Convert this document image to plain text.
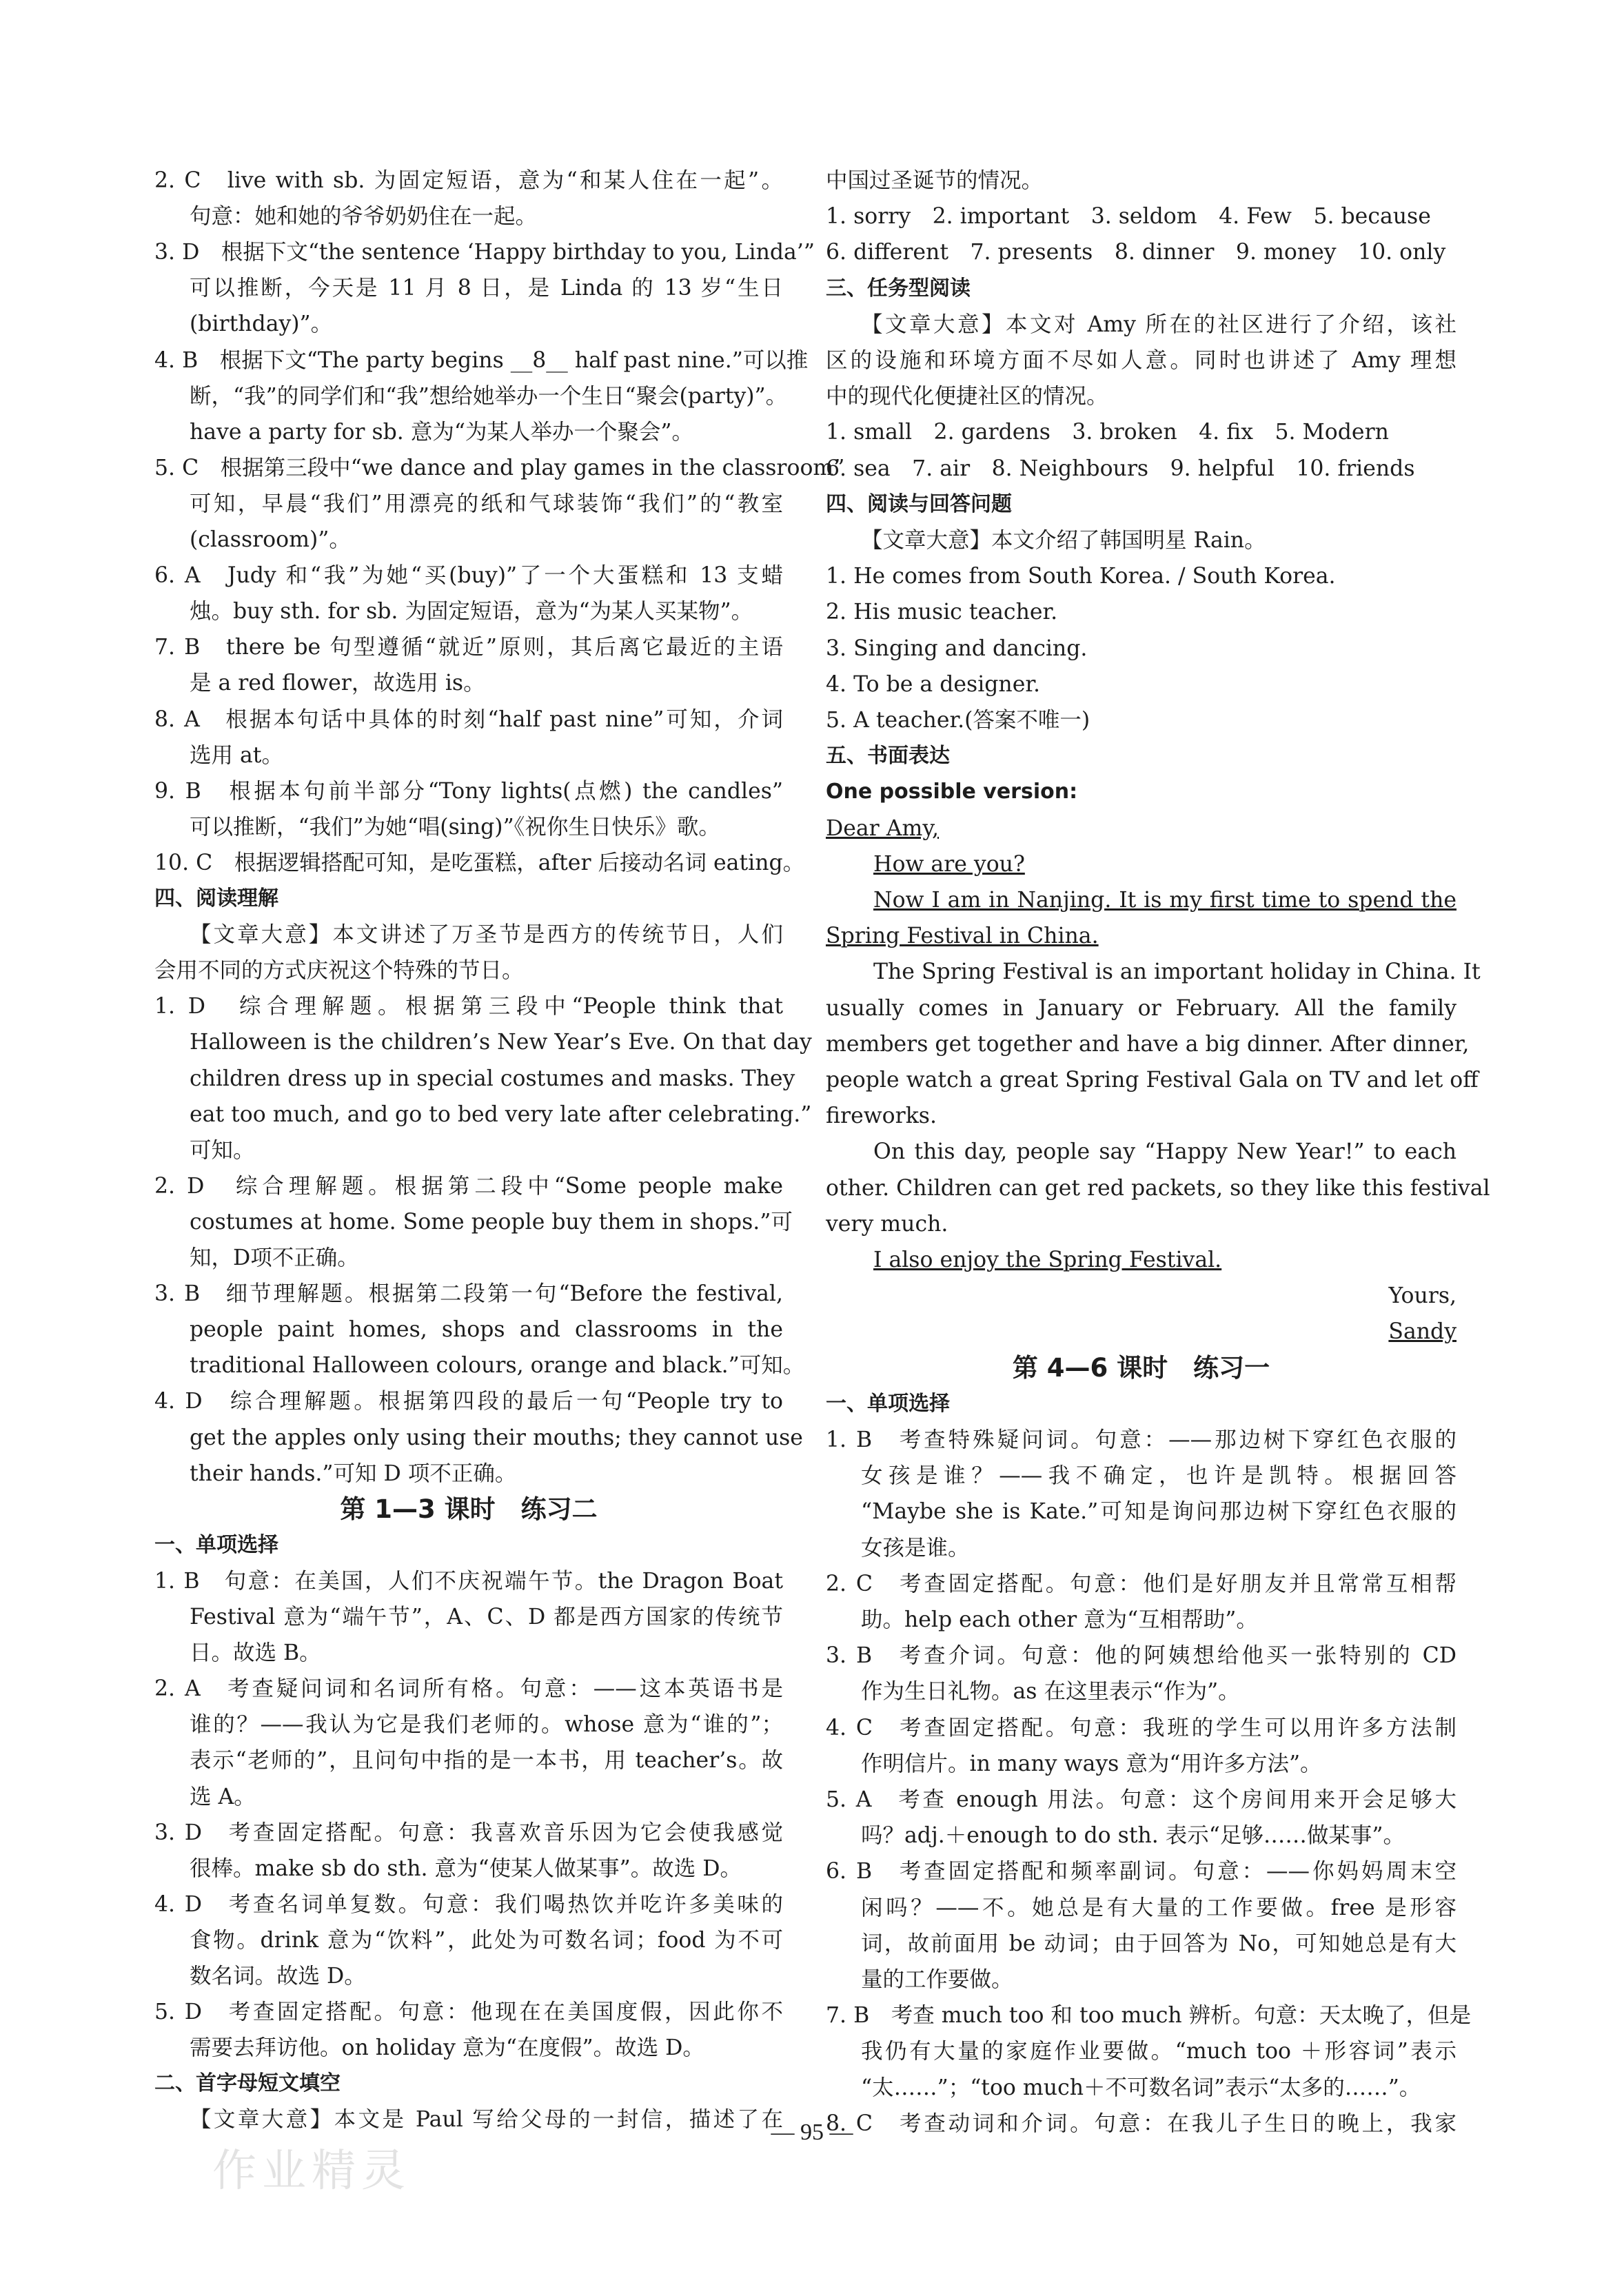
2. C　live with sb. 为固定短语，意为“和某人住在一起”。
句意：她和她的爷爷奶奶住在一起。
3. D　根据下文“the sentence ‘Happy birthday to you, Linda’”
可以推断，今天是 11 月 8 日，是 Linda 的 13 岁“生日
(birthday)”。
4. B　根据下文“The party begins __8__ half past nine.”可以推
断，“我”的同学们和“我”想给她举办一个生日“聚会(party)”。
have a party for sb. 意为“为某人举办一个聚会”。
5. C　根据第三段中“we dance and play games in the classroom”
可知，早晨“我们”用漂亮的纸和气球装饰“我们”的“教室
(classroom)”。
6. A　Judy 和“我”为她“买(buy)”了一个大蛋糕和 13 支蜡
烛。buy sth. for sb. 为固定短语，意为“为某人买某物”。
7. B　there be 句型遵循“就近”原则，其后离它最近的主语
是 a red flower，故选用 is。
8. A　根据本句话中具体的时刻“half past nine”可知，介词
选用 at。
9. B　根据本句前半部分“Tony lights(点燃) the candles”
可以推断，“我们”为她“唱(sing)”《祝你生日快乐》歌。
10. C　根据逻辑搭配可知，是吃蛋糕，after 后接动名词 eating。
四、阅读理解
【文章大意】本文讲述了万圣节是西方的传统节日，人们
会用不同的方式庆祝这个特殊的节日。
1. D　综合理解题。根据第三段中“People think that
Halloween is the children’s New Year’s Eve. On that day
children dress up in special costumes and masks. They
eat too much, and go to bed very late after celebrating.”
可知。
2. D　综合理解题。根据第二段中“Some people make
costumes at home. Some people buy them in shops.”可
知，D项不正确。
3. B　细节理解题。根据第二段第一句“Before the festival,
people paint homes, shops and classrooms in the
traditional Halloween colours, orange and black.”可知。
4. D　综合理解题。根据第四段的最后一句“People try to
get the apples only using their mouths; they cannot use
their hands.”可知 D 项不正确。
第 1—3 课时　练习二
一、单项选择
1. B　句意：在美国，人们不庆祝端午节。the Dragon Boat
Festival 意为“端午节”，A、C、D 都是西方国家的传统节
日。故选 B。
2. A　考查疑问词和名词所有格。句意：——这本英语书是
谁的？——我认为它是我们老师的。whose 意为“谁的”；
表示“老师的”，且问句中指的是一本书，用 teacher’s。故
选 A。
3. D　考查固定搭配。句意：我喜欢音乐因为它会使我感觉
很棒。make sb do sth. 意为“使某人做某事”。故选 D。
4. D　考查名词单复数。句意：我们喝热饮并吃许多美味的
食物。drink 意为“饮料”，此处为可数名词；food 为不可
数名词。故选 D。
5. D　考查固定搭配。句意：他现在在美国度假，因此你不
需要去拜访他。on holiday 意为“在度假”。故选 D。
二、首字母短文填空
【文章大意】本文是 Paul 写给父母的一封信，描述了在
中国过圣诞节的情况。
1. sorry　2. important　3. seldom　4. Few　5. because
6. different　7. presents　8. dinner　9. money　10. only
三、任务型阅读
【文章大意】本文对 Amy 所在的社区进行了介绍，该社
区的设施和环境方面不尽如人意。同时也讲述了 Amy 理想
中的现代化便捷社区的情况。
1. small　2. gardens　3. broken　4. fix　5. Modern
6. sea　7. air　8. Neighbours　9. helpful　10. friends
四、阅读与回答问题
【文章大意】本文介绍了韩国明星 Rain。
1. He comes from South Korea. / South Korea.
2. His music teacher.
3. Singing and dancing.
4. To be a designer.
5. A teacher.(答案不唯一)
五、书面表达
One possible version:
Dear Amy,
How are you?
Now I am in Nanjing. It is my first time to spend the
Spring Festival in China.
The Spring Festival is an important holiday in China. It
usually comes in January or February. All the family
members get together and have a big dinner. After dinner,
people watch a great Spring Festival Gala on TV and let off
fireworks.
On this day, people say “Happy New Year!” to each
other. Children can get red packets, so they like this festival
very much.
I also enjoy the Spring Festival.
Yours,
Sandy
第 4—6 课时　练习一
一、单项选择
1. B　考查特殊疑问词。句意：——那边树下穿红色衣服的
女孩是谁？——我不确定，也许是凯特。根据回答
“Maybe she is Kate.”可知是询问那边树下穿红色衣服的
女孩是谁。
2. C　考查固定搭配。句意：他们是好朋友并且常常互相帮
助。help each other 意为“互相帮助”。
3. B　考查介词。句意：他的阿姨想给他买一张特别的 CD
作为生日礼物。as 在这里表示“作为”。
4. C　考查固定搭配。句意：我班的学生可以用许多方法制
作明信片。in many ways 意为“用许多方法”。
5. A　考查 enough 用法。句意：这个房间用来开会足够大
吗？adj.＋enough to do sth. 表示“足够……做某事”。
6. B　考查固定搭配和频率副词。句意：——你妈妈周末空
闲吗？——不。她总是有大量的工作要做。free 是形容
词，故前面用 be 动词；由于回答为 No，可知她总是有大
量的工作要做。
7. B　考查 much too 和 too much 辨析。句意：天太晚了，但是
我仍有大量的家庭作业要做。“much too ＋形容词”表示
“太……”；“too much＋不可数名词”表示“太多的……”。
8. C　考查动词和介词。句意：在我儿子生日的晚上，我家
作业精灵
— 95 —
